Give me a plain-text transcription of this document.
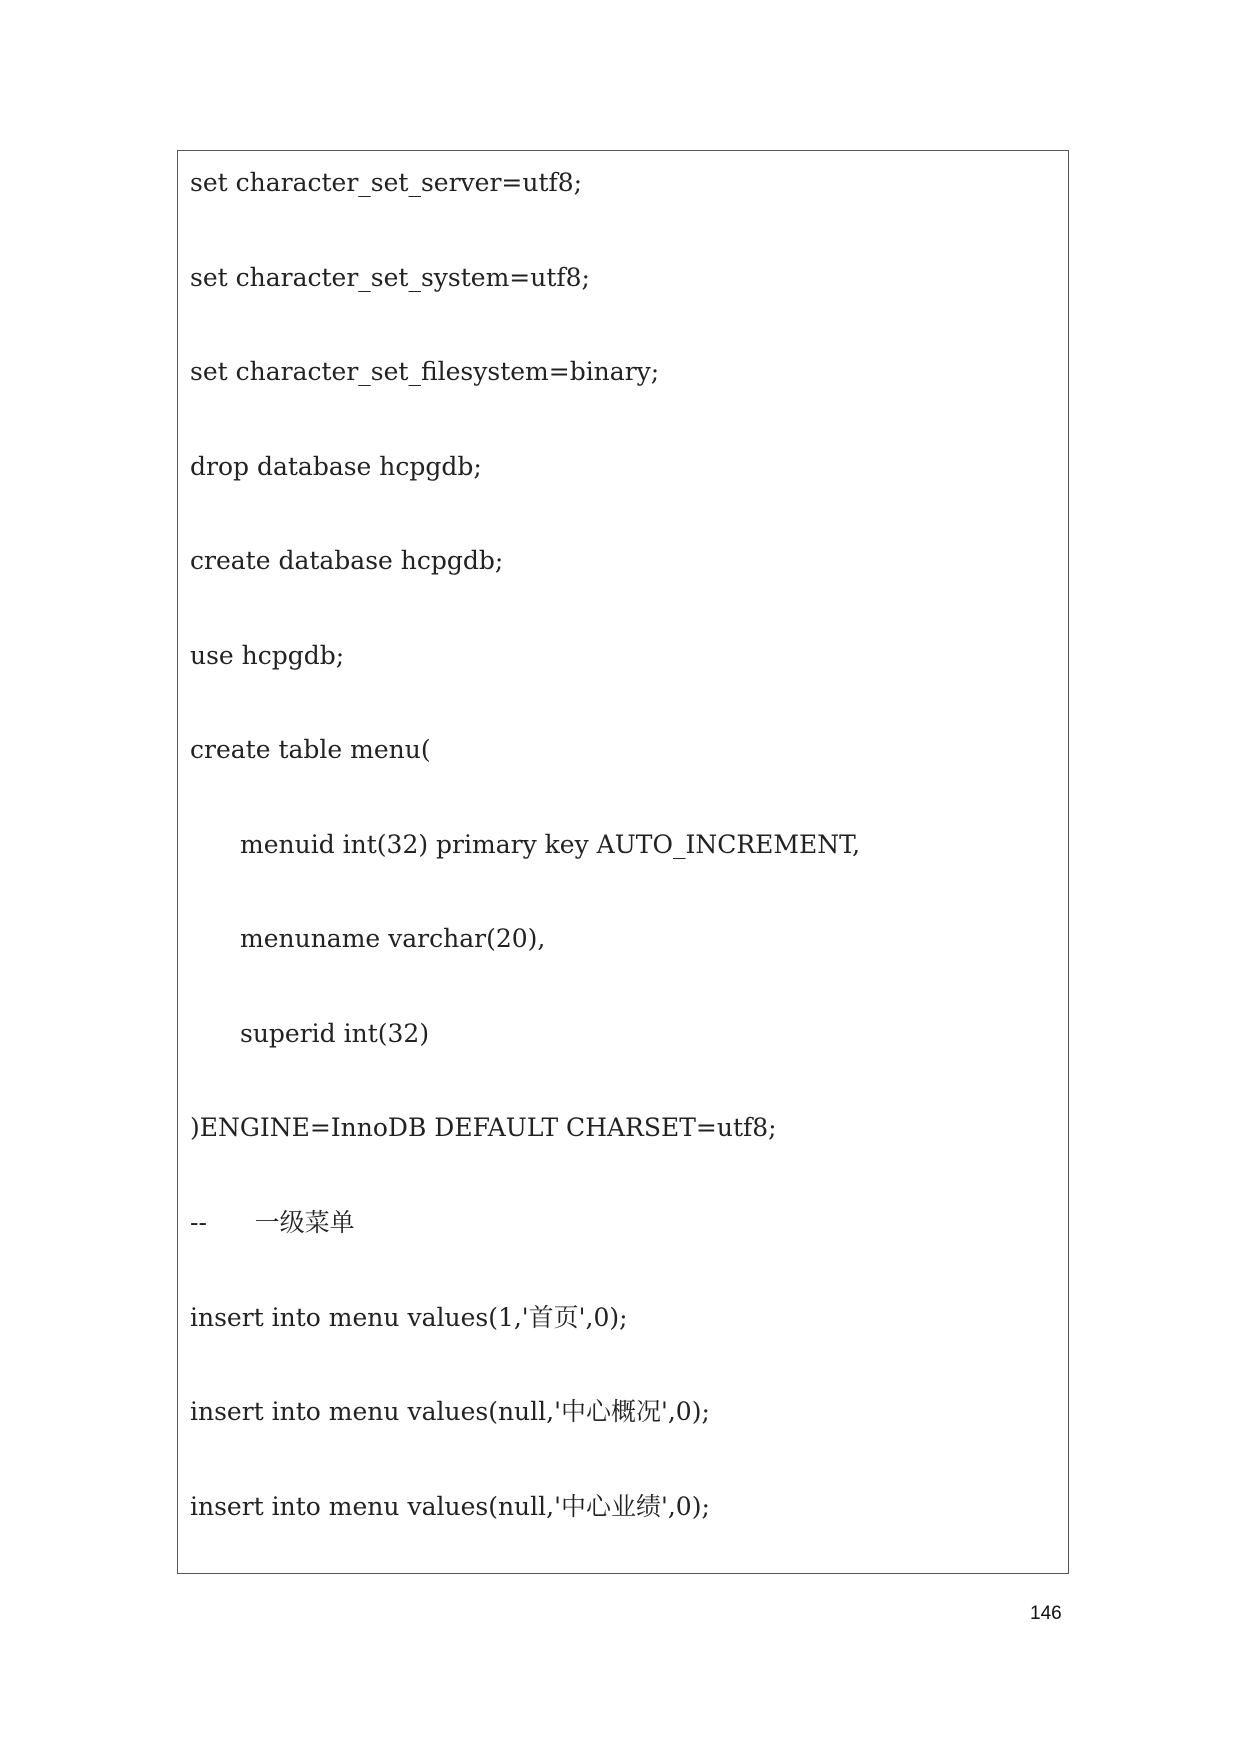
set character_set_server=utf8;

set character_set_system=utf8;

set character_set_filesystem=binary;

drop database hcpgdb;

create database hcpgdb;

use hcpgdb;

create table menu(

menuid int(32) primary key AUTO_INCREMENT,

menuname varchar(20),

superid int(32)

)ENGINE=InnoDB DEFAULT CHARSET=utf8;

--      一级菜单

insert into menu values(1,'首页',0);

insert into menu values(null,'中心概况',0);

insert into menu values(null,'中心业绩',0);

146
